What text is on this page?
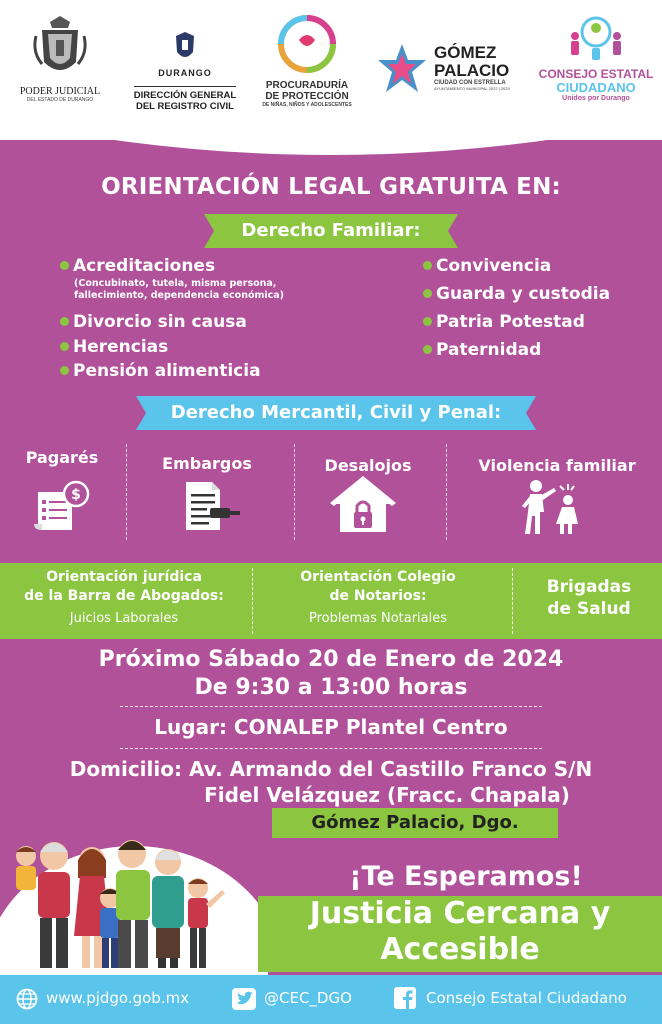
PODER JUDICIAL
DEL ESTADO DE DURANGO
DURANGO
DIRECCIÓN GENERAL
DEL REGISTRO CIVIL
PROCURADURÍA
DE PROTECCIÓN
DE NIÑAS, NIÑOS Y ADOLESCENTES
GÓMEZ
PALACIO
CIUDAD CON ESTRELLA
AYUNTAMIENTO MUNICIPAL 2022 | 2025
CONSEJO ESTATAL
CIUDADANO
Unidos por Durango
ORIENTACIÓN LEGAL GRATUITA EN:
Derecho Familiar:
Acreditaciones
(Concubinato, tutela, misma persona,
fallecimiento, dependencia económica)
Divorcio sin causa
Herencias
Pensión alimenticia
Convivencia
Guarda y custodia
Patria Potestad
Paternidad
Derecho Mercantil, Civil y Penal:
Pagarés
$
Embargos	Desalojos	Violencia familiar
Orientación jurídica
de la Barra de Abogados:
Juicios Laborales
Orientación Colegio
de Notarios:
Problemas Notariales
Brigadas
de Salud
Próximo Sábado 20 de Enero de 2024
De 9:30 a 13:00 horas
Lugar: CONALEP Plantel Centro
Domicilio: Av. Armando del Castillo Franco S/N
Fidel Velázquez (Fracc. Chapala)
Gómez Palacio, Dgo.
¡Te Esperamos!
Justicia Cercana y
Accesible
www.pjdgo.gob.mx	@CEC_DGO	Consejo Estatal Ciudadano
